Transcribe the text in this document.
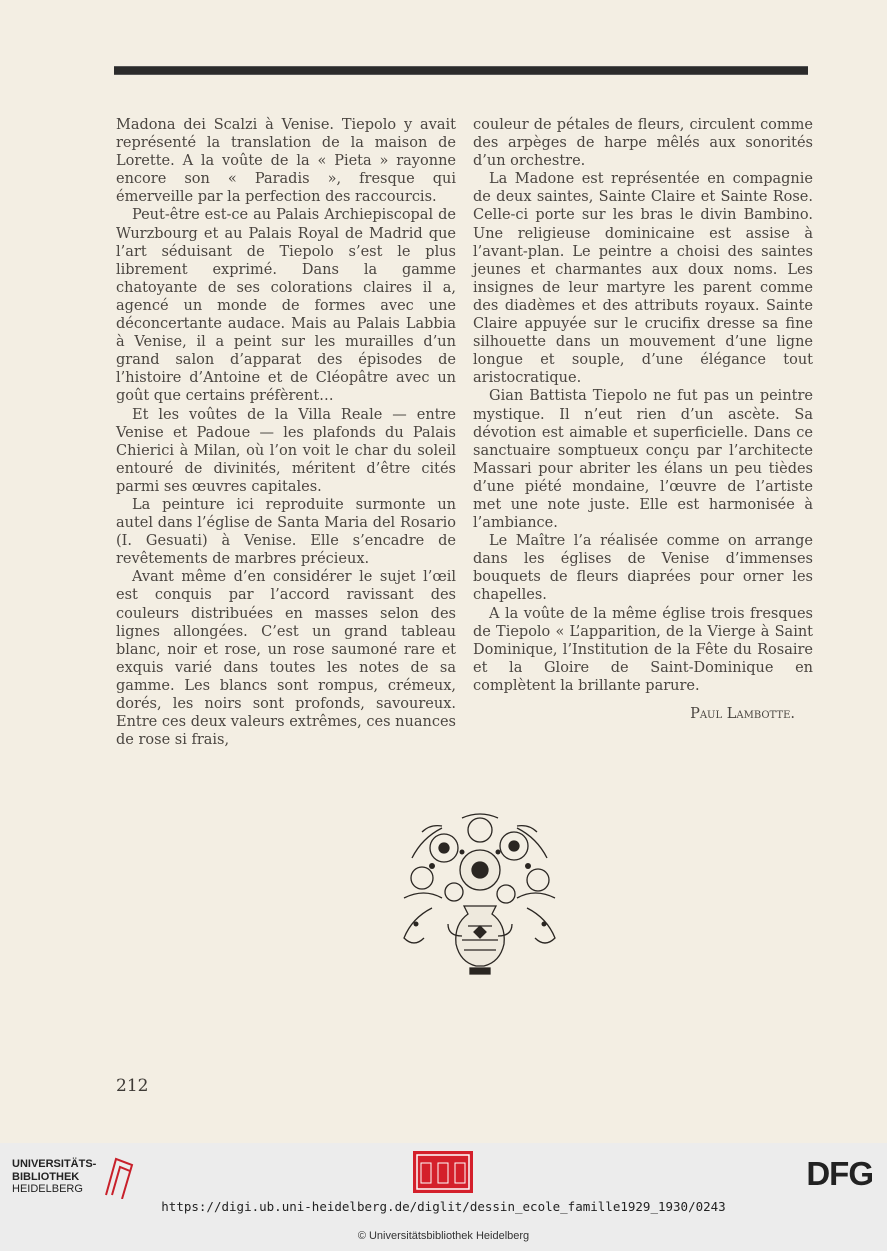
Madona dei Scalzi à Venise. Tiepolo y avait représenté la translation de la maison de Lorette. A la voûte de la « Pieta » rayonne encore son « Paradis », fresque qui émerveille par la perfection des raccourcis.

Peut-être est-ce au Palais Archiepiscopal de Wurzbourg et au Palais Royal de Madrid que l’art séduisant de Tiepolo s’est le plus librement exprimé. Dans la gamme chatoyante de ses colorations claires il a, agencé un monde de formes avec une déconcertante audace. Mais au Palais Labbia à Venise, il a peint sur les murailles d’un grand salon d’apparat des épisodes de l’histoire d’Antoine et de Cléopâtre avec un goût que certains préfèrent…

Et les voûtes de la Villa Reale — entre Venise et Padoue — les plafonds du Palais Chierici à Milan, où l’on voit le char du soleil entouré de divinités, méritent d’être cités parmi ses œuvres capitales.

La peinture ici reproduite surmonte un autel dans l’église de Santa Maria del Rosario (I. Gesuati) à Venise. Elle s’encadre de revêtements de marbres précieux.

Avant même d’en considérer le sujet l’œil est conquis par l’accord ravissant des couleurs distribuées en masses selon des lignes allongées. C’est un grand tableau blanc, noir et rose, un rose saumoné rare et exquis varié dans toutes les notes de sa gamme. Les blancs sont rompus, crémeux, dorés, les noirs sont profonds, savoureux. Entre ces deux valeurs extrêmes, ces nuances de rose si frais,

couleur de pétales de fleurs, circulent comme des arpèges de harpe mêlés aux sonorités d’un orchestre.

La Madone est représentée en compagnie de deux saintes, Sainte Claire et Sainte Rose. Celle-ci porte sur les bras le divin Bambino. Une religieuse dominicaine est assise à l’avant-plan. Le peintre a choisi des saintes jeunes et charmantes aux doux noms. Les insignes de leur martyre les parent comme des diadèmes et des attributs royaux. Sainte Claire appuyée sur le crucifix dresse sa fine silhouette dans un mouvement d’une ligne longue et souple, d’une élégance tout aristocratique.

Gian Battista Tiepolo ne fut pas un peintre mystique. Il n’eut rien d’un ascète. Sa dévotion est aimable et superficielle. Dans ce sanctuaire somptueux conçu par l’architecte Massari pour abriter les élans un peu tièdes d’une piété mondaine, l’œuvre de l’artiste met une note juste. Elle est harmonisée à l’ambiance.

Le Maître l’a réalisée comme on arrange dans les églises de Venise d’immenses bouquets de fleurs diaprées pour orner les chapelles.

A la voûte de la même église trois fresques de Tiepolo « L’apparition, de la Vierge à Saint Dominique, l’Institution de la Fête du Rosaire et la Gloire de Saint-Dominique en complètent la brillante parure.

Paul Lambotte.

212
UNIVERSITÄTS-
BIBLIOTHEK
HEIDELBERG	DFG
https://digi.ub.uni-heidelberg.de/diglit/dessin_ecole_famille1929_1930/0243
© Universitätsbibliothek Heidelberg
